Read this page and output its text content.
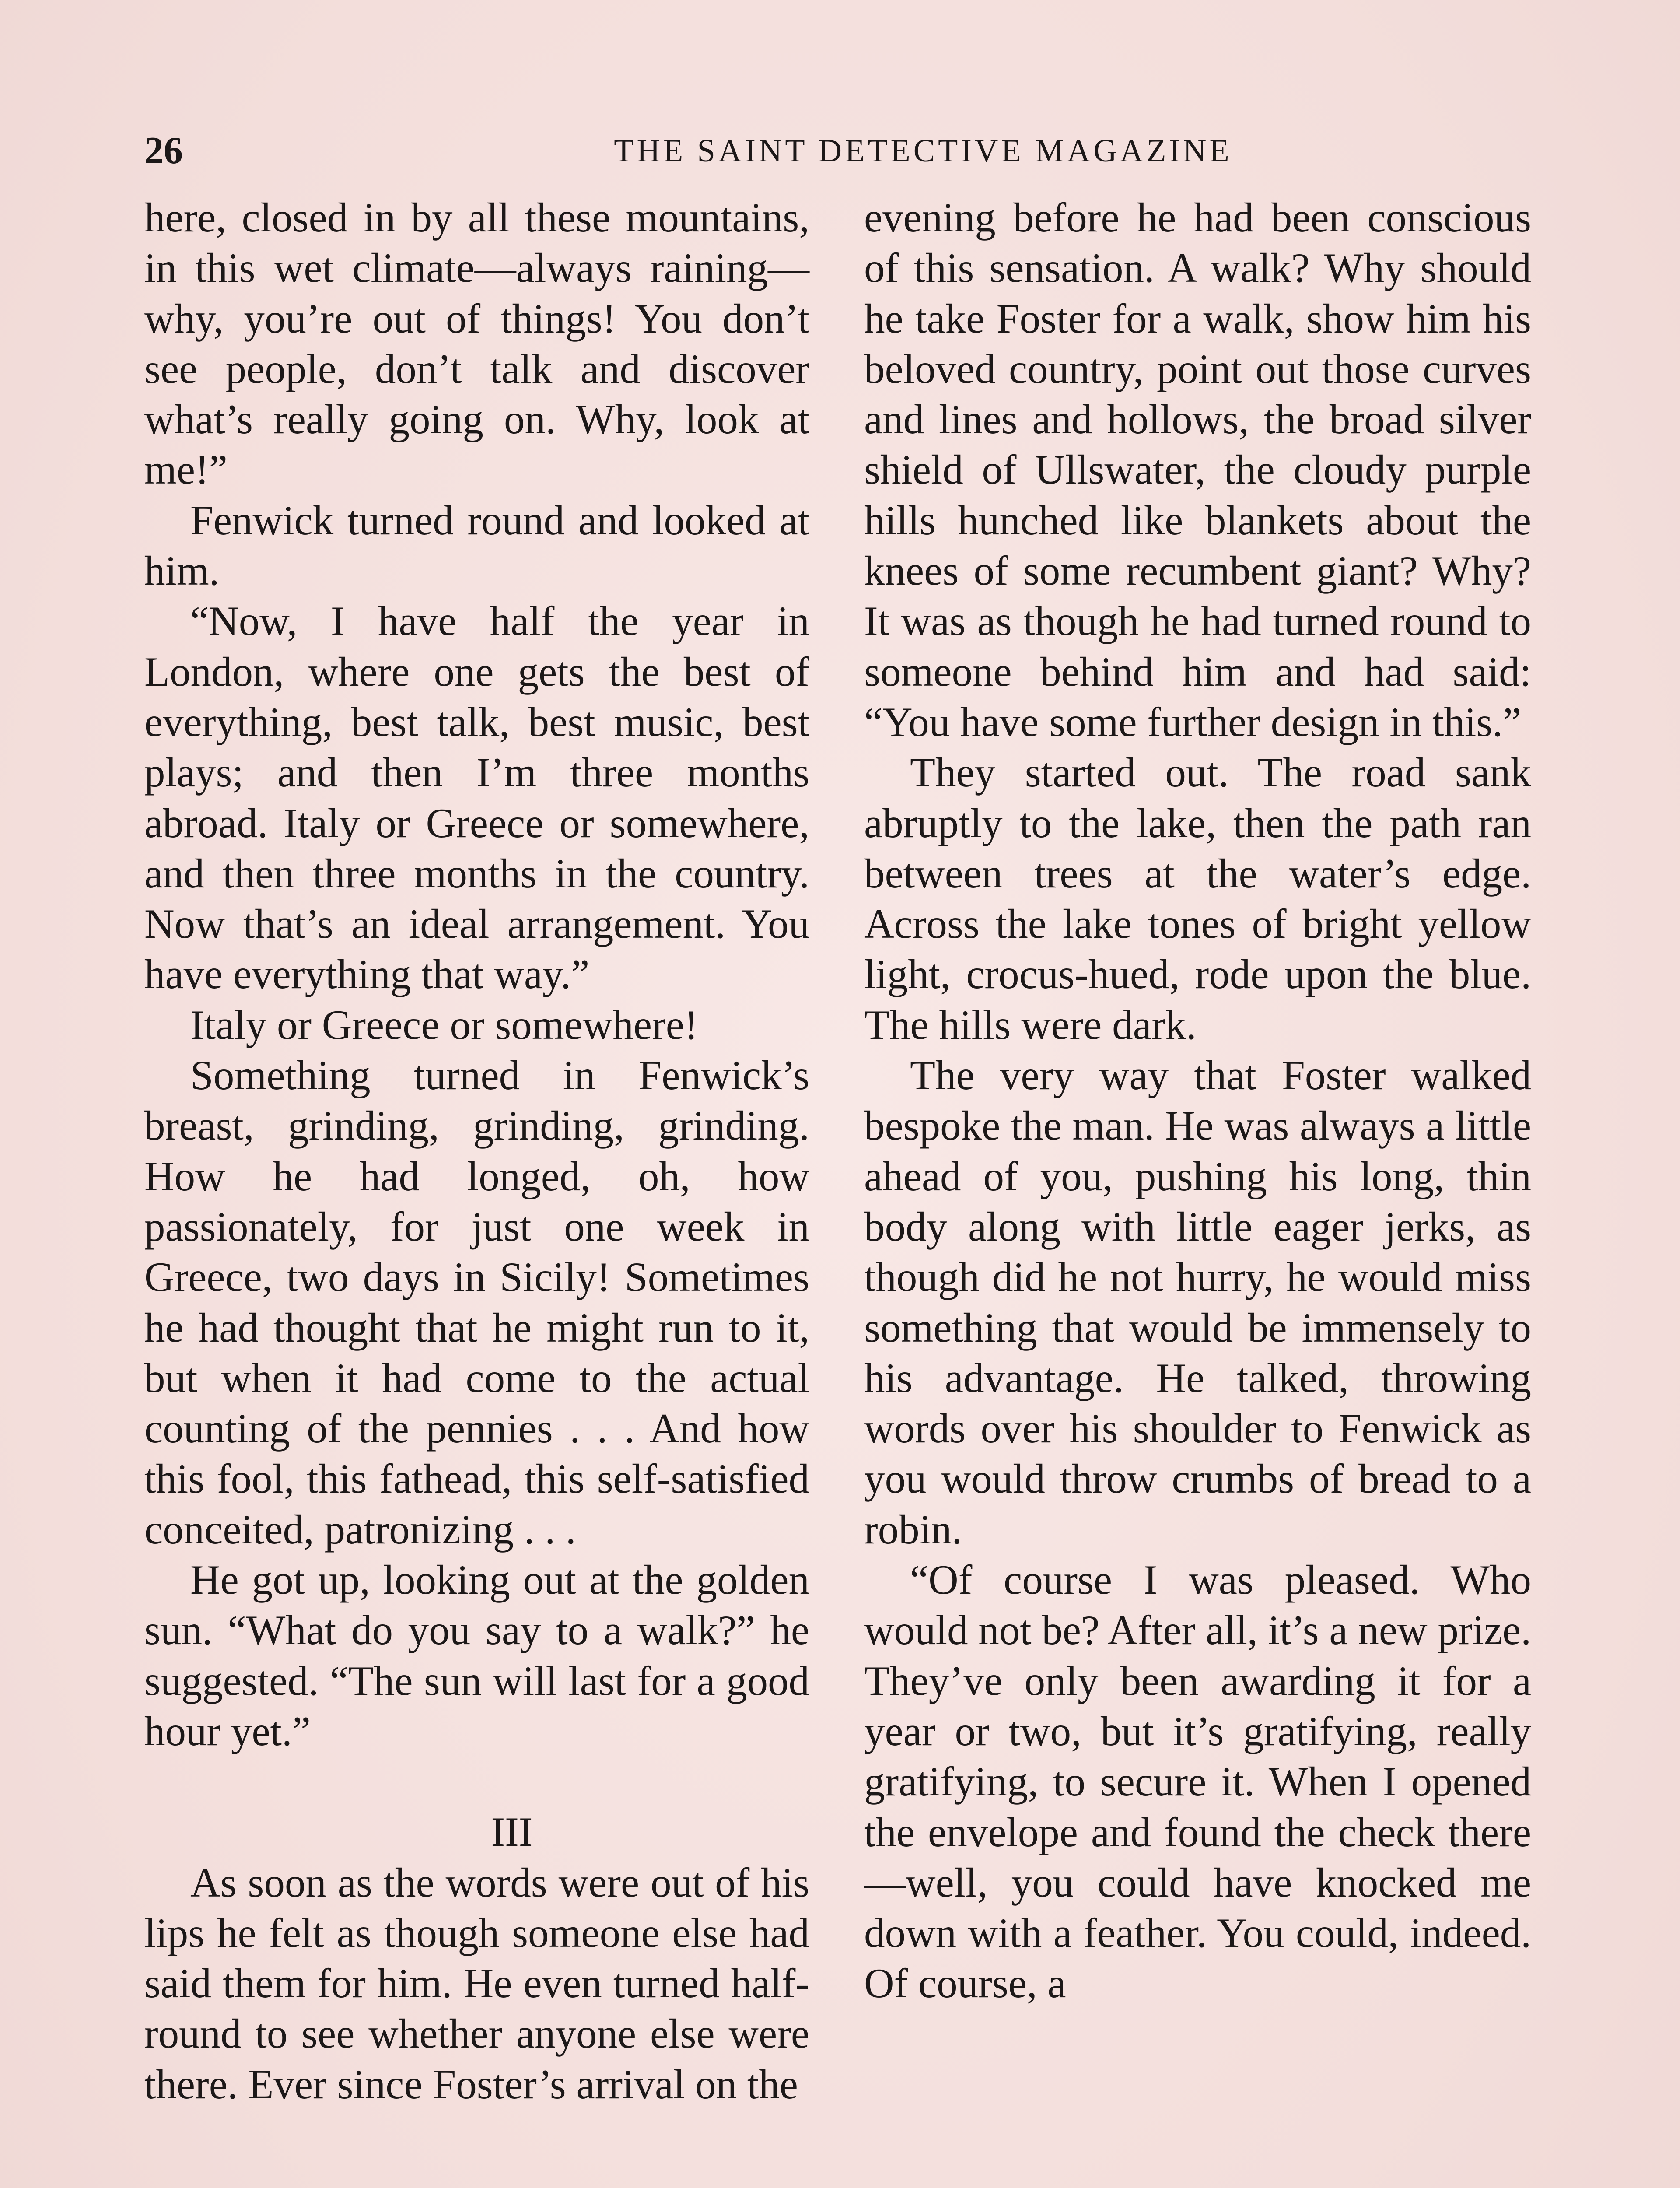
26	THE SAINT DETECTIVE MAGAZINE

here, closed in by all these mountains, in this wet climate—always raining—why, you’re out of things! You don’t see people, don’t talk and discover what’s really going on. Why, look at me!”

Fenwick turned round and looked at him.

“Now, I have half the year in London, where one gets the best of everything, best talk, best music, best plays; and then I’m three months abroad. Italy or Greece or somewhere, and then three months in the country. Now that’s an ideal arrangement. You have everything that way.”

Italy or Greece or somewhere!

Something turned in Fenwick’s breast, grinding, grinding, grinding. How he had longed, oh, how passionately, for just one week in Greece, two days in Sicily! Sometimes he had thought that he might run to it, but when it had come to the actual counting of the pennies . . . And how this fool, this fathead, this self-satisfied conceited, patronizing . . .

He got up, looking out at the golden sun. “What do you say to a walk?” he suggested. “The sun will last for a good hour yet.”

III

As soon as the words were out of his lips he felt as though someone else had said them for him. He even turned half-round to see whether anyone else were there. Ever since Foster’s arrival on the

evening before he had been conscious of this sensation. A walk? Why should he take Foster for a walk, show him his beloved country, point out those curves and lines and hollows, the broad silver shield of Ullswater, the cloudy purple hills hunched like blankets about the knees of some recumbent giant? Why? It was as though he had turned round to someone behind him and had said: “You have some further design in this.”

They started out. The road sank abruptly to the lake, then the path ran between trees at the water’s edge. Across the lake tones of bright yellow light, crocus-hued, rode upon the blue. The hills were dark.

The very way that Foster walked bespoke the man. He was always a little ahead of you, pushing his long, thin body along with little eager jerks, as though did he not hurry, he would miss something that would be immensely to his advantage. He talked, throwing words over his shoulder to Fenwick as you would throw crumbs of bread to a robin.

“Of course I was pleased. Who would not be? After all, it’s a new prize. They’ve only been awarding it for a year or two, but it’s gratifying, really gratifying, to secure it. When I opened the envelope and found the check there—well, you could have knocked me down with a feather. You could, indeed. Of course, a
